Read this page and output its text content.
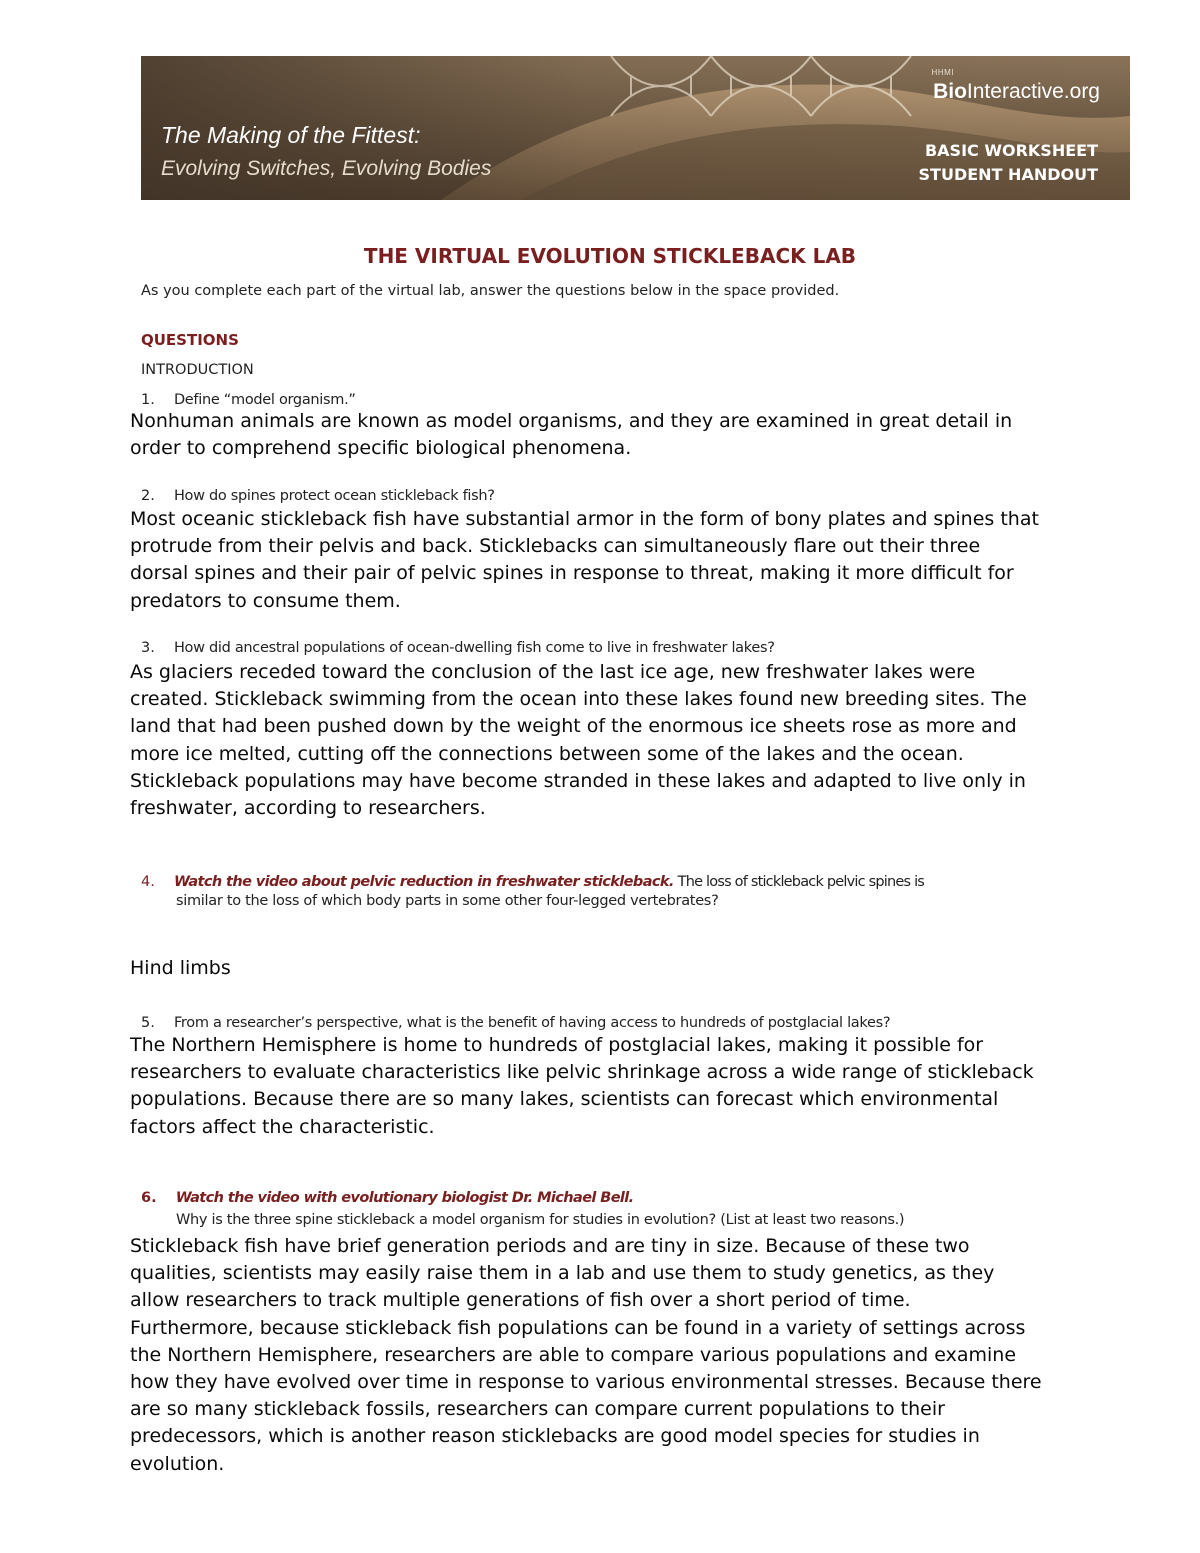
HHMI
BioInteractive.org
The Making of the Fittest:
Evolving Switches, Evolving Bodies
BASIC WORKSHEET
STUDENT HANDOUT
THE VIRTUAL EVOLUTION STICKLEBACK LAB
As you complete each part of the virtual lab, answer the questions below in the space provided.
QUESTIONS
INTRODUCTION
1. Define “model organism.”
Nonhuman animals are known as model organisms, and they are examined in great detail in
order to comprehend specific biological phenomena.
2. How do spines protect ocean stickleback fish?
Most oceanic stickleback fish have substantial armor in the form of bony plates and spines that
protrude from their pelvis and back. Sticklebacks can simultaneously flare out their three
dorsal spines and their pair of pelvic spines in response to threat, making it more difficult for
predators to consume them.
3. How did ancestral populations of ocean-dwelling fish come to live in freshwater lakes?
As glaciers receded toward the conclusion of the last ice age, new freshwater lakes were
created. Stickleback swimming from the ocean into these lakes found new breeding sites. The
land that had been pushed down by the weight of the enormous ice sheets rose as more and
more ice melted, cutting off the connections between some of the lakes and the ocean.
Stickleback populations may have become stranded in these lakes and adapted to live only in
freshwater, according to researchers.
4. Watch the video about pelvic reduction in freshwater stickleback. The loss of stickleback pelvic spines is
similar to the loss of which body parts in some other four-legged vertebrates?
Hind limbs
5. From a researcher’s perspective, what is the benefit of having access to hundreds of postglacial lakes?
The Northern Hemisphere is home to hundreds of postglacial lakes, making it possible for
researchers to evaluate characteristics like pelvic shrinkage across a wide range of stickleback
populations. Because there are so many lakes, scientists can forecast which environmental
factors affect the characteristic.
6. Watch the video with evolutionary biologist Dr. Michael Bell.
Why is the three spine stickleback a model organism for studies in evolution? (List at least two reasons.)
Stickleback fish have brief generation periods and are tiny in size. Because of these two
qualities, scientists may easily raise them in a lab and use them to study genetics, as they
allow researchers to track multiple generations of fish over a short period of time.
Furthermore, because stickleback fish populations can be found in a variety of settings across
the Northern Hemisphere, researchers are able to compare various populations and examine
how they have evolved over time in response to various environmental stresses. Because there
are so many stickleback fossils, researchers can compare current populations to their
predecessors, which is another reason sticklebacks are good model species for studies in
evolution.
